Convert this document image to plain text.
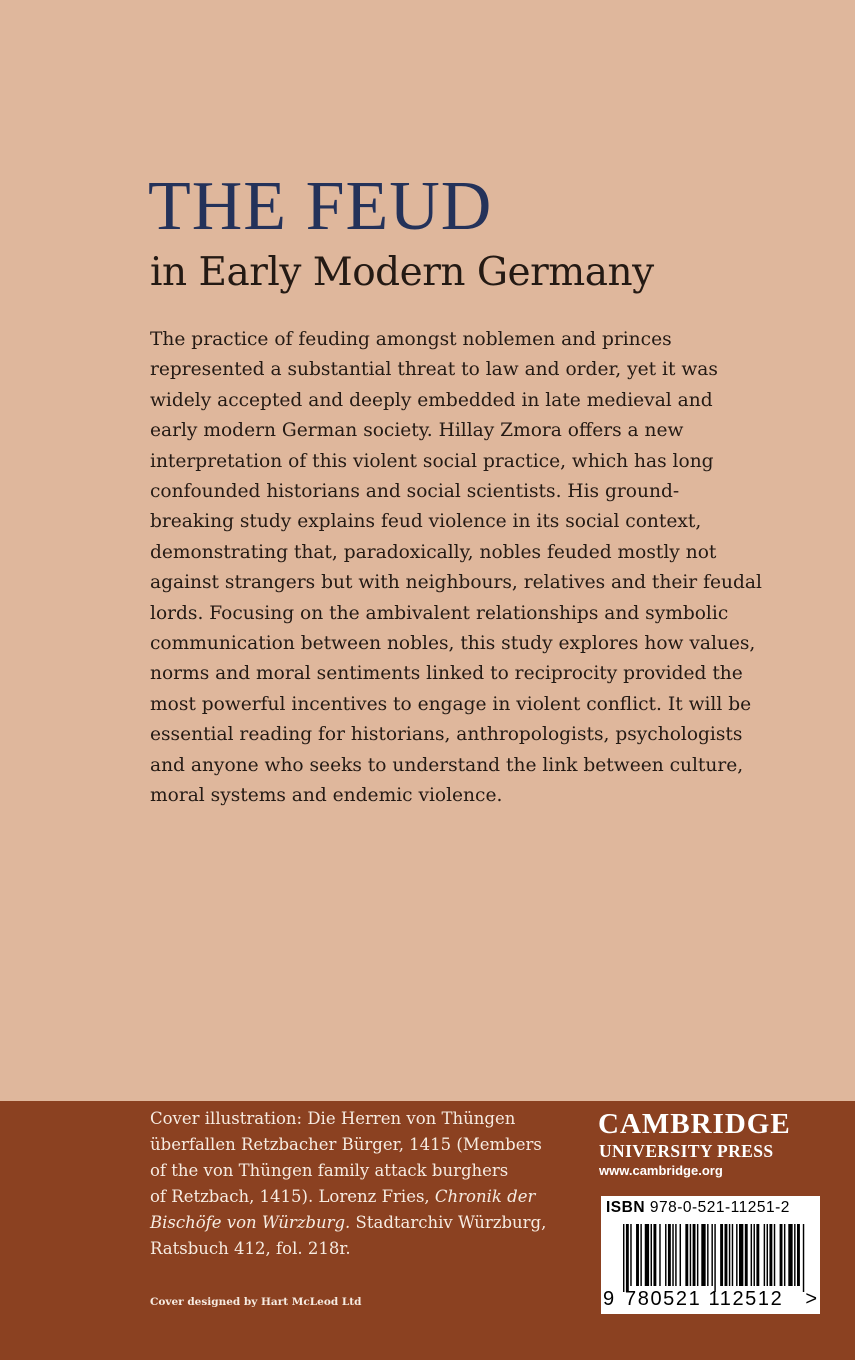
THE FEUD
in Early Modern Germany
The practice of feuding amongst noblemen and princes
represented a substantial threat to law and order, yet it was
widely accepted and deeply embedded in late medieval and
early modern German society. Hillay Zmora offers a new
interpretation of this violent social practice, which has long
confounded historians and social scientists. His ground-
breaking study explains feud violence in its social context,
demonstrating that, paradoxically, nobles feuded mostly not
against strangers but with neighbours, relatives and their feudal
lords. Focusing on the ambivalent relationships and symbolic
communication between nobles, this study explores how values,
norms and moral sentiments linked to reciprocity provided the
most powerful incentives to engage in violent conflict. It will be
essential reading for historians, anthropologists, psychologists
and anyone who seeks to understand the link between culture,
moral systems and endemic violence.
Cover illustration: Die Herren von Thüngen
überfallen Retzbacher Bürger, 1415 (Members
of the von Thüngen family attack burghers
of Retzbach, 1415). Lorenz Fries, Chronik der
Bischöfe von Würzburg. Stadtarchiv Würzburg,
Ratsbuch 412, fol. 218r.
Cover designed by Hart McLeod Ltd
CAMBRIDGE
UNIVERSITY PRESS
www.cambridge.org
ISBN 978-0-521-11251-2
9 780521 112512 >
